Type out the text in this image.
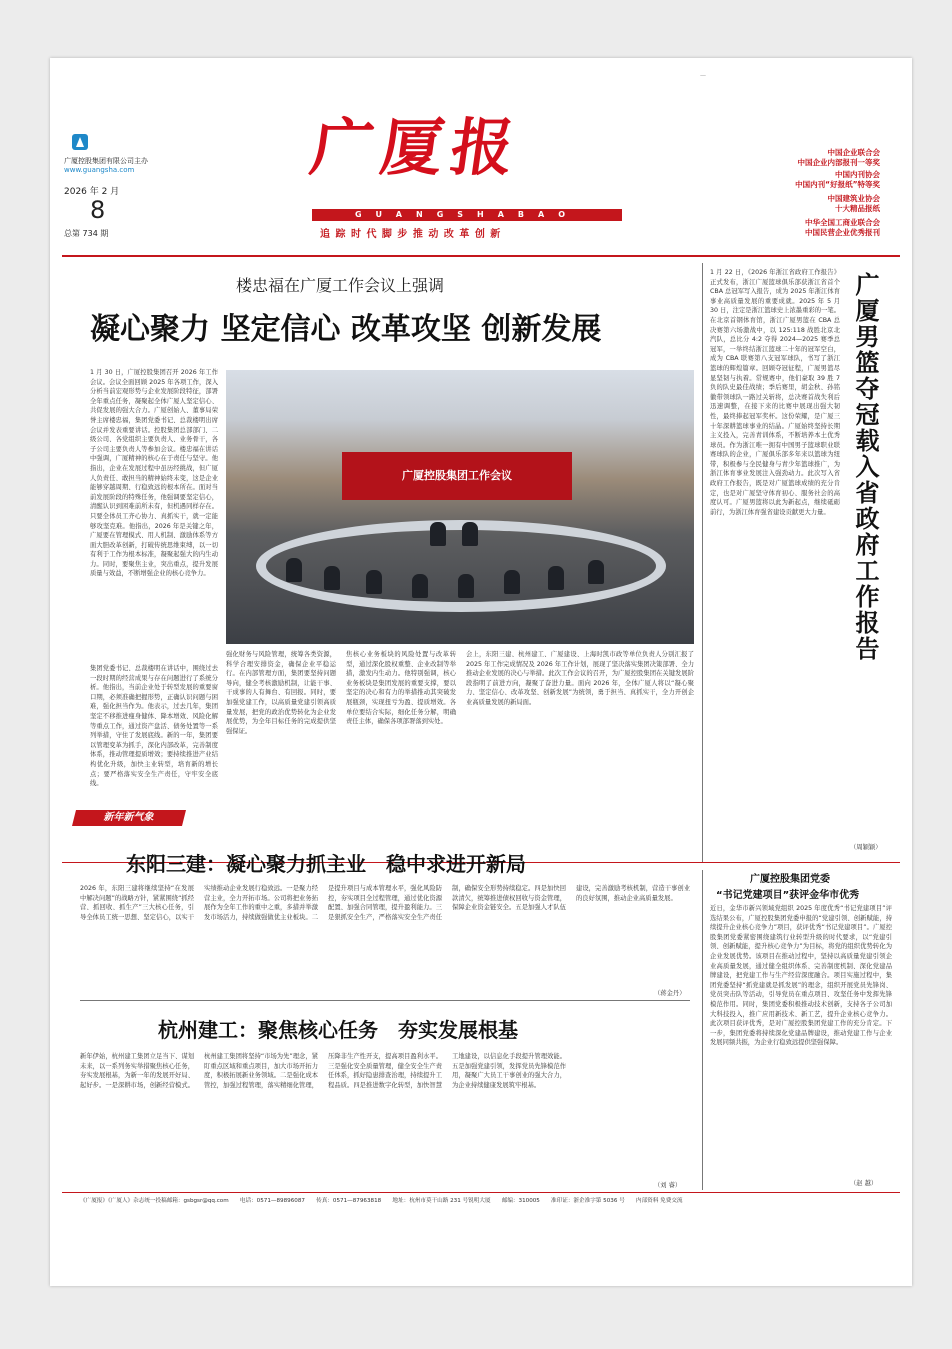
—
广厦控股集团有限公司主办
www.guangsha.com
2026 年 2 月
8
总第 734 期
广厦报
GUANGSHABAO
追 踪 时 代 脚 步 推 动 改 革 创 新
中国企业联合会
中国企业内部报刊一等奖
中国内刊协会
中国内刊“好报纸”特等奖
中国建筑业协会
十大精品报纸
中华全国工商业联合会
中国民营企业优秀报刊
楼忠福在广厦工作会议上强调
凝心聚力 坚定信心 改革攻坚 创新发展
1 月 30 日，广厦控股集团召开 2026 年工作会议。会议全面回顾 2025 年各项工作，深入分析当前宏观形势与企业发展阶段特征，部署全年重点任务，凝聚起全体广厦人坚定信心、共促发展的强大合力。广厦创始人、董事局荣誉主席楼忠福，集团党委书记、总裁楼明出席会议并发表重要讲话。控股集团总部部门、二级公司、各党组织主要负责人、业务骨干，各子公司主要负责人等参加会议。楼忠福在讲话中强调，广厦精神的核心在于责任与坚守。他指出，企业在发展过程中虽历经挑战，但广厦人负责任、敢担当的精神始终未变，这是企业能够穿越周期、行稳致远的根本所在。面对当前发展阶段的特殊任务，他强调要坚定信心，清醒认识到困难前所未有，但机遇同样存在。只要全体员工齐心协力、真抓实干，就一定能够攻坚克难。他指出，2026 年是关键之年，广厦要在管理模式、用人机制、激励体系等方面大胆改革创新，打破传统思维束缚，以一切有利于工作为根本标准，凝聚起强大的内生动力。同时，要聚焦主业，突出重点，提升发展质量与效益，不断增强企业的核心竞争力。
集团党委书记、总裁楼明在讲话中，围绕过去一段时期的经营成果与存在问题进行了系统分析。他指出，当前企业处于转型发展的重要窗口期，必须准确把握形势，正确认识问题与困难，强化担当作为。他表示，过去几年，集团坚定不移推进瘦身健体、降本增效、风险化解等重点工作，通过资产盘活、债务处置等一系列举措，守住了发展底线。新的一年，集团要以管理变革为抓手，深化内部改革，完善制度体系，推动管理提质增效；要持续推进产业结构优化升级，加快主业转型，培育新的增长点；要严格落实安全生产责任，守牢安全底线。
广厦控股集团工作会议
强化财务与风险管理，统筹各类资源，科学合理安排资金，确保企业平稳运行。在内部管理方面，集团要坚持问题导向，健全考核激励机制，让能干事、干成事的人有舞台、有回报。同时，要加强党建工作，以高质量党建引领高质量发展，把党的政治优势转化为企业发展优势，为全年目标任务的完成提供坚强保证。
焦核心业务板块的风险处置与改革转型，通过深化股权重整、企业改制等举措，激发内生动力。他特别强调，核心业务板块是集团发展的重要支撑，要以坚定的决心和有力的举措推动其突破发展瓶颈，实现扭亏为盈、提质增效。各单位要结合实际，细化任务分解，明确责任主体，确保各项部署落到实处。
会上，东阳三建、杭州建工、广厦建设、上海时凯市政等单位负责人分别汇报了 2025 年工作完成情况及 2026 年工作计划，展现了坚决落实集团决策部署、全力推动企业发展的决心与举措。此次工作会议的召开，为广厦控股集团在关键发展阶段指明了前进方向，凝聚了奋进力量。面向 2026 年，全体广厦人将以“凝心聚力、坚定信心、改革攻坚、创新发展”为统领，勇于担当、真抓实干，全力开创企业高质量发展的新局面。
1 月 22 日，《2026 年浙江省政府工作报告》正式发布，浙江广厦篮球俱乐部获浙江省首个 CBA 总冠军写入报告，成为 2025 年浙江体育事业高质量发展的重要成就。2025 年 5 月 30 日，注定是浙江篮球史上浓墨重彩的一笔。在北京首钢体育馆，浙江广厦男篮在 CBA 总决赛第六场激战中，以 125:118 战胜北京北汽队，总比分 4:2 夺得 2024—2025 赛季总冠军，一举终结浙江篮球二十年的冠军空白，成为 CBA 联赛第八支冠军球队，书写了浙江篮球的辉煌篇章。回顾夺冠征程，广厦男篮尽显坚韧与执着。常规赛中，他们豪取 39 胜 7 负的队史最佳战绩；季后赛里，胡金秋、孙铭徽带领球队一路过关斩将，总决赛首战失利后迅速调整，在接下来的比赛中展现出强大韧性，最终捧起冠军奖杯。这份荣耀，是广厦三十年深耕篮球事业的结晶。广厦始终坚持长期主义投入，完善青训体系，不断培养本土优秀球员。作为浙江唯一拥有中国男子篮球职业联赛球队的企业，广厦俱乐部多年来以篮球为纽带，积极参与全民健身与青少年篮球推广，为浙江体育事业发展注入强劲动力。此次写入省政府工作报告，既是对广厦篮球成绩的充分肯定，也是对广厦坚守体育初心、服务社会的高度认可。广厦男篮将以此为新起点，继续砥砺前行，为浙江体育强省建设贡献更大力量。 广厦男篮夺冠载入省政府工作报告
（周颖颖）
新年新气象
东阳三建：凝心聚力抓主业　稳中求进开新局
2026 年，东阳三建将继续坚持“在发展中解决问题”的战略方针，紧紧围绕“抓经营、抓回收、抓生产”三大核心任务，引导全体员工统一思想、坚定信心，以实干实绩推动企业发展行稳致远。一是聚力经营主业，全力开拓市场。公司将把业务拓展作为全年工作的重中之重，多措并举激发市场活力，持续做强做优主业板块。二是提升项目与成本管理水平，强化风险防控，夯实项目全过程管理，通过优化资源配置、加强合同管理，提升盈利能力。三是狠抓安全生产，严格落实安全生产责任制，确保安全形势持续稳定。四是加快回款清欠，统筹推进债权回收与资金管理，保障企业资金链安全。五是加强人才队伍建设，完善激励考核机制，营造干事创业的良好氛围，推动企业高质量发展。
（蒋金丹）
杭州建工：聚焦核心任务　夯实发展根基
新年伊始，杭州建工集团立足当下、谋划未来，以一系列务实举措聚焦核心任务，夯实发展根基，为新一年的发展开好局、起好步。一是深耕市场，创新经营模式。杭州建工集团将坚持“市场为先”理念，紧盯重点区域和重点项目，加大市场开拓力度，积极拓展新业务领域。二是强化成本管控，加强过程管理，落实精细化管理，压降非生产性开支，提高项目盈利水平。三是强化安全质量管理，健全安全生产责任体系，抓好隐患排查治理，持续提升工程品质。四是推进数字化转型，加快智慧工地建设，以信息化手段提升管理效能。五是加强党建引领，发挥党员先锋模范作用，凝聚广大员工干事创业的强大合力，为企业持续健康发展筑牢根基。
（刘 睿）
广厦控股集团党委
“书记党建项目”获评金华市优秀
近日，金华市新兴领域党组织 2025 年度优秀“书记党建项目”评选结果公布，广厦控股集团党委申报的“党建引领、创新赋能，持续提升企业核心竞争力”项目，获评优秀“书记党建项目”。广厦控股集团党委紧密围绕建筑行业转型升级的时代要求，以“党建引领、创新赋能，提升核心竞争力”为目标，将党的组织优势转化为企业发展优势。该项目在推动过程中，坚持以高质量党建引领企业高质量发展，通过健全组织体系、完善制度机制、深化党建品牌建设，把党建工作与生产经营深度融合。项目实施过程中，集团党委坚持“抓党建就是抓发展”的理念，组织开展党员先锋岗、党员突击队等活动，引导党员在重点项目、攻坚任务中发挥先锋模范作用。同时，集团党委积极推动技术创新，支持各子公司加大科技投入，推广应用新技术、新工艺，提升企业核心竞争力。此次项目获评优秀，是对广厦控股集团党建工作的充分肯定。下一步，集团党委将持续深化党建品牌建设，推动党建工作与企业发展同频共振，为企业行稳致远提供坚强保障。
（赵 越）
《广厦报》《广厦人》杂志统一投稿邮箱：gsbgsr@qq.com　　电话：0571—89896087　　传真：0571—87963818　　地址：杭州市莫干山路 231 号锐明大厦　　邮编：310005　　准印证：浙企准字第 5036 号　　内部资料 免费交流
